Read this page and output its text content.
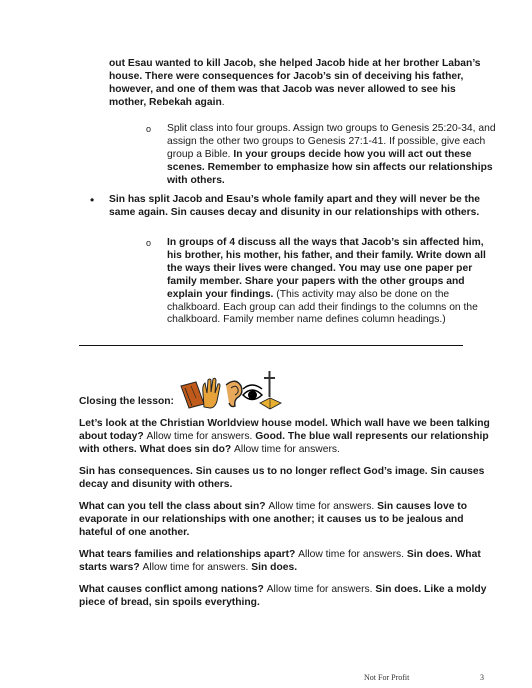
out Esau wanted to kill Jacob, she helped Jacob hide at her brother Laban’s house. There were consequences for Jacob’s sin of deceiving his father, however, and one of them was that Jacob was never allowed to see his mother, Rebekah again.

o Split class into four groups. Assign two groups to Genesis 25:20-34, and assign the other two groups to Genesis 27:1-41. If possible, give each group a Bible. In your groups decide how you will act out these scenes. Remember to emphasize how sin affects our relationships with others.

• Sin has split Jacob and Esau’s whole family apart and they will never be the same again. Sin causes decay and disunity in our relationships with others.

o In groups of 4 discuss all the ways that Jacob’s sin affected him, his brother, his mother, his father, and their family. Write down all the ways their lives were changed. You may use one paper per family member. Share your papers with the other groups and explain your findings. (This activity may also be done on the chalkboard. Each group can add their findings to the columns on the chalkboard. Family member name defines column headings.)

Closing the lesson:

Let’s look at the Christian Worldview house model. Which wall have we been talking about today? Allow time for answers. Good. The blue wall represents our relationship with others. What does sin do? Allow time for answers.

Sin has consequences. Sin causes us to no longer reflect God’s image. Sin causes decay and disunity with others.

What can you tell the class about sin? Allow time for answers. Sin causes love to evaporate in our relationships with one another; it causes us to be jealous and hateful of one another.

What tears families and relationships apart? Allow time for answers. Sin does. What starts wars? Allow time for answers. Sin does.

What causes conflict among nations? Allow time for answers. Sin does. Like a moldy piece of bread, sin spoils everything.

Not For Profit	3
